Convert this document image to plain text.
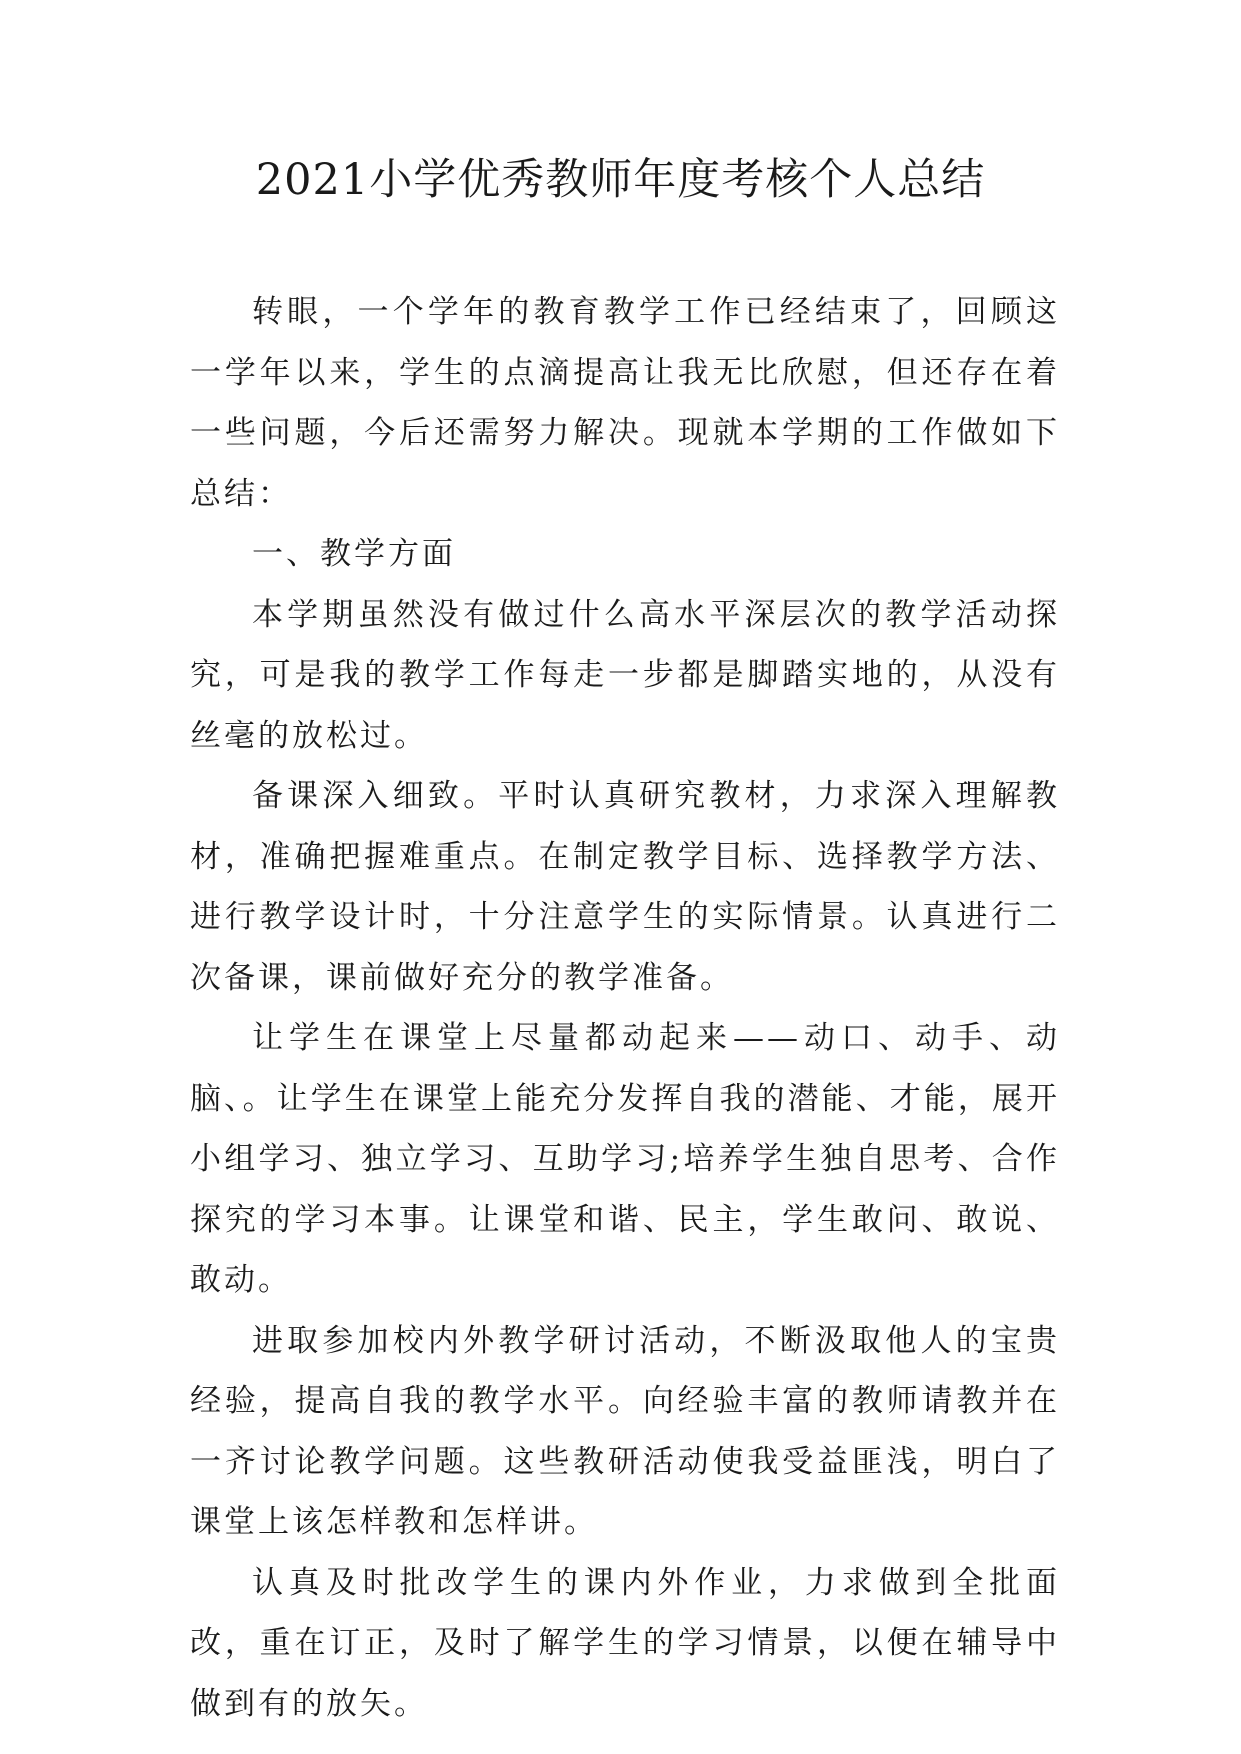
2021小学优秀教师年度考核个人总结

转眼，一个学年的教育教学工作已经结束了，回顾这一学年以来，学生的点滴提高让我无比欣慰，但还存在着一些问题，今后还需努力解决。现就本学期的工作做如下总结：

一、教学方面

本学期虽然没有做过什么高水平深层次的教学活动探究，可是我的教学工作每走一步都是脚踏实地的，从没有丝毫的放松过。

备课深入细致。平时认真研究教材，力求深入理解教材，准确把握难重点。在制定教学目标、选择教学方法、进行教学设计时，十分注意学生的实际情景。认真进行二次备课，课前做好充分的教学准备。

让学生在课堂上尽量都动起来——动口、动手、动脑、。让学生在课堂上能充分发挥自我的潜能、才能，展开小组学习、独立学习、互助学习;培养学生独自思考、合作探究的学习本事。让课堂和谐、民主，学生敢问、敢说、敢动。

进取参加校内外教学研讨活动，不断汲取他人的宝贵经验，提高自我的教学水平。向经验丰富的教师请教并在一齐讨论教学问题。这些教研活动使我受益匪浅，明白了课堂上该怎样教和怎样讲。

认真及时批改学生的课内外作业，力求做到全批面改，重在订正，及时了解学生的学习情景，以便在辅导中做到有的放矢。
